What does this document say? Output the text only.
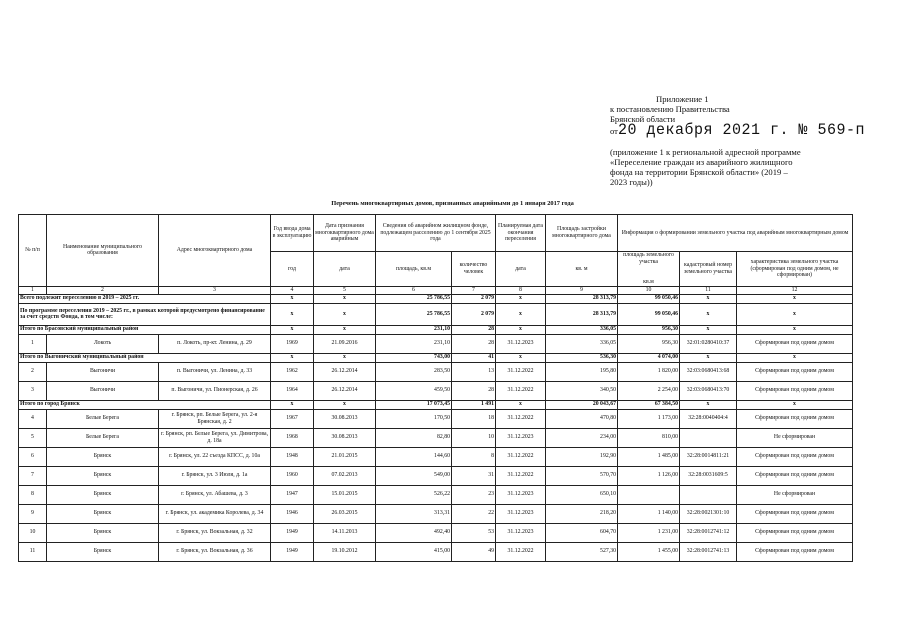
Приложение 1
к постановлению Правительства
Брянской области
от20 декабря 2021 г. № 569-п
(приложение 1 к региональной адресной программе
«Переселение граждан из аварийного жилищного
фонда на территории Брянской области» (2019 –
2023 годы))
Перечень многоквартирных домов, признанных аварийными до 1 января 2017 года
№ п/п	Наименование муниципального образования	Адрес многоквартирного дома	Год ввода дома в эксплуатацию	Дата признания многоквартирного дома аварийным	Сведения об аварийном жилищном фонде, подлежащем расселению до 1 сентября 2025 года		Планируемая дата окончания переселения	Площадь застройки многоквартирного дома	Информация о формировании земельного участка под аварийным многоквартирным домом		

									площадь земельного участка
кв.м	кадастровый номер земельного участка	характеристика земельного участка (сформирован под одним домом, не сформирован)
			год	дата	площадь, кв.м	количество человек	дата	кв. м			
1	2	3	4	5	6	7	8	9	10	11	12
Всего подлежит переселению в 2019 – 2025 гг.			x	x	25 786,55	2 079	x	28 313,79	99 050,46	x	x
По программе переселения 2019 – 2025 гг., в рамках которой предусмотрено финансирование за счет средств Фонда, в том числе:			x	x	25 786,55	2 079	x	28 313,79	99 050,46	x	x
Итого по Брасовский муниципальный район			x	x	231,10	28	x	336,05	956,30	x	x
1	Локоть	п. Локоть, пр-кт. Ленина, д. 29	1969	21.09.2016	231,10	28	31.12.2023	336,05	956,30	32:01:0280410:37	Сформирован под одним домом
Итого по Выгоничский муниципальный район			x	x	743,00	41	x	536,30	4 074,00	x	x
2	Выгоничи	п. Выгоничи, ул. Ленина, д. 33	1962	26.12.2014	283,50	13	31.12.2022	195,80	1 820,00	32:03:0680413:68	Сформирован под одним домом
3	Выгоничи	п. Выгоничи, ул. Пионерская, д. 26	1964	26.12.2014	459,50	28	31.12.2022	340,50	2 254,00	32:03:0680413:70	Сформирован под одним домом
Итого по город Брянск			x	x	17 073,45	1 491	x	20 043,67	67 384,50	x	x
4	Белые Берега	г. Брянск, рп. Белые Берега, ул. 2-я Брянская, д. 2	1967	30.08.2013	170,50	18	31.12.2022	470,80	1 173,00	32:28:0040404:4	Сформирован под одним домом
5	Белые Берега	г. Брянск, рп. Белые Берега, ул. Димитрова, д. 18а	1968	30.08.2013	82,80	10	31.12.2023	234,00	810,00		Не сформирован
6	Брянск	г. Брянск, ул. 22 съезда КПСС, д. 10а	1948	21.01.2015	144,60	8	31.12.2022	192,90	1 485,00	32:28:0014811:21	Сформирован под одним домом
7	Брянск	г. Брянск, ул. 3 Июля, д. 1а	1960	07.02.2013	549,00	31	31.12.2022	570,70	1 126,00	32:28:0031609:5	Сформирован под одним домом
8	Брянск	г. Брянск, ул. Абашева, д. 3	1947	15.01.2015	526,22	23	31.12.2023	650,10			Не сформирован
9	Брянск	г. Брянск, ул. академика Королева, д. 34	1946	26.03.2015	313,31	22	31.12.2023	218,20	1 140,00	32:28:0021301:10	Сформирован под одним домом
10	Брянск	г. Брянск, ул. Вокзальная, д. 32	1949	14.11.2013	492,40	53	31.12.2023	604,70	1 231,00	32:28:0012741:12	Сформирован под одним домом
11	Брянск	г. Брянск, ул. Вокзальная, д. 36	1949	19.10.2012	415,00	49	31.12.2022	527,30	1 455,00	32:28:0012741:13	Сформирован под одним домом
